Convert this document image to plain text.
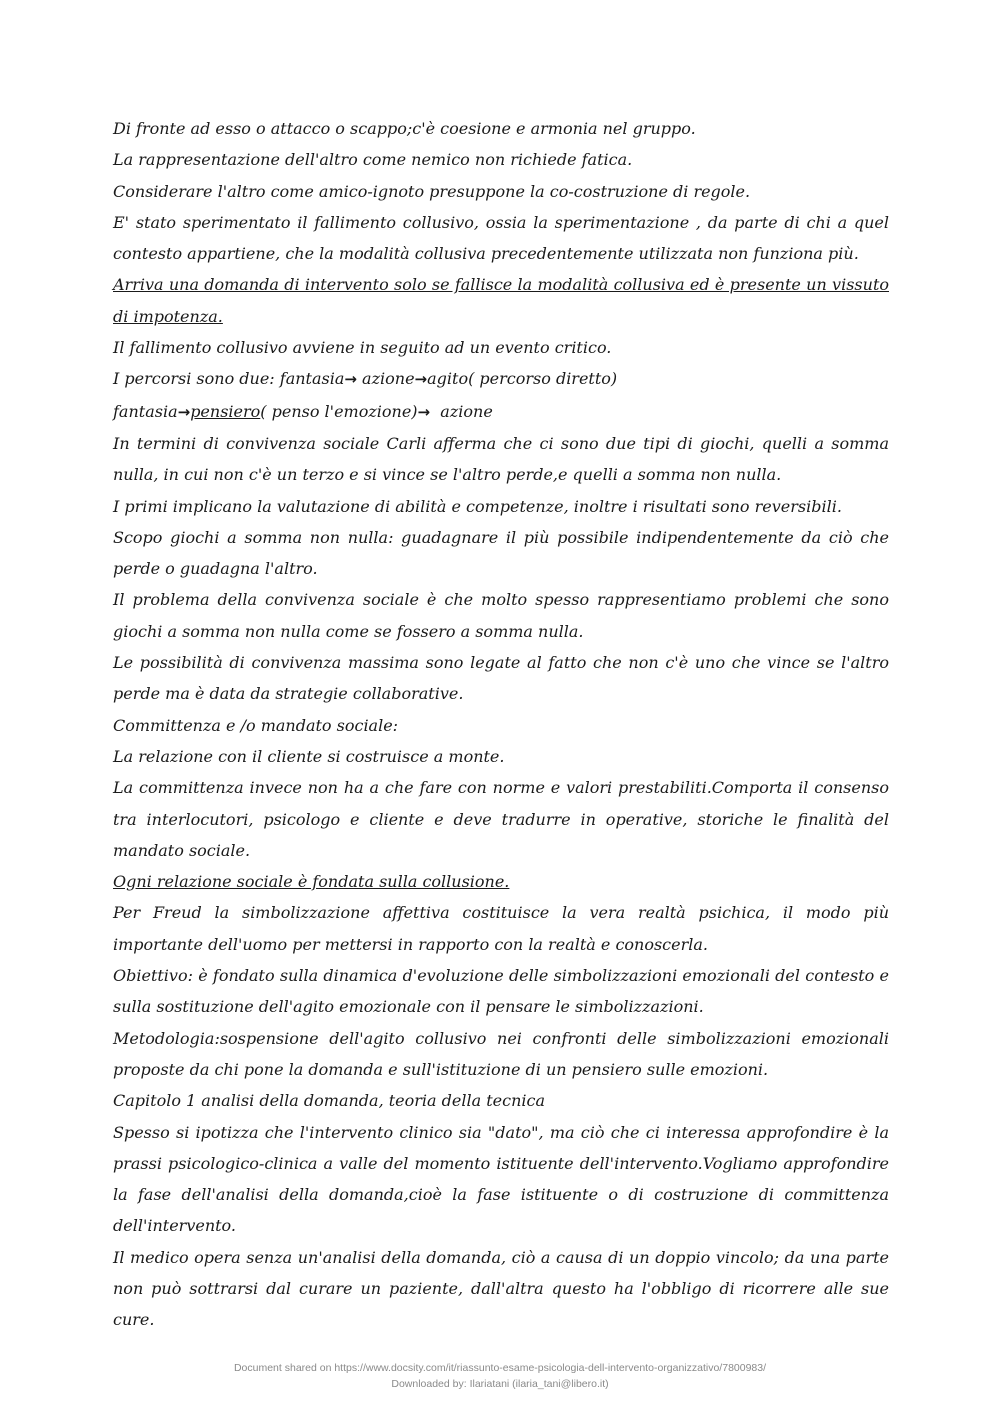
Di fronte ad esso o attacco o scappo;c'è coesione e armonia nel gruppo.

La rappresentazione dell'altro come nemico non richiede fatica.

Considerare l'altro come amico-ignoto presuppone la co-costruzione di regole.

E' stato sperimentato il fallimento collusivo, ossia la sperimentazione , da parte di chi a quel contesto appartiene, che la modalità collusiva precedentemente utilizzata non funziona più.

Arriva una domanda di intervento solo se fallisce la modalità collusiva ed è presente un vissuto di impotenza.

Il fallimento collusivo avviene in seguito ad un evento critico.

I percorsi sono due: fantasia→ azione→agito( percorso diretto)

fantasia→pensiero( penso l'emozione)→  azione

In termini di convivenza sociale Carli afferma che ci sono due tipi di giochi, quelli a somma nulla, in cui non c'è un terzo e si vince se l'altro perde,e quelli a somma non nulla.

I primi implicano la valutazione di abilità e competenze, inoltre i risultati sono reversibili.

Scopo giochi a somma non nulla: guadagnare il più possibile indipendentemente da ciò che perde o guadagna l'altro.

Il problema della convivenza sociale è che molto spesso rappresentiamo problemi che sono giochi a somma non nulla come se fossero a somma nulla.

Le possibilità di convivenza massima sono legate al fatto che non c'è uno che vince se l'altro perde ma è data da strategie collaborative.

Committenza e /o mandato sociale:

La relazione con il cliente si costruisce a monte.

La committenza invece non ha a che fare con norme e valori prestabiliti.Comporta il consenso tra interlocutori, psicologo e cliente e deve tradurre in operative, storiche le finalità del mandato sociale.

Ogni relazione sociale è fondata sulla collusione.

Per Freud la simbolizzazione affettiva costituisce la vera realtà psichica, il modo più importante dell'uomo per mettersi in rapporto con la realtà e conoscerla.

Obiettivo: è fondato sulla dinamica d'evoluzione delle simbolizzazioni emozionali del contesto e sulla sostituzione dell'agito emozionale con il pensare le simbolizzazioni.

Metodologia:sospensione dell'agito collusivo nei confronti delle simbolizzazioni emozionali proposte da chi pone la domanda e sull'istituzione di un pensiero sulle emozioni.

Capitolo 1 analisi della domanda, teoria della tecnica

Spesso si ipotizza che l'intervento clinico sia "dato", ma ciò che ci interessa approfondire è la prassi psicologico-clinica a valle del momento istituente dell'intervento.Vogliamo approfondire la fase dell'analisi della domanda,cioè la fase istituente o di costruzione di committenza dell'intervento.

Il medico opera senza un'analisi della domanda, ciò a causa di un doppio vincolo; da una parte non può sottrarsi dal curare un paziente, dall'altra questo ha l'obbligo di ricorrere alle sue cure.

Document shared on https://www.docsity.com/it/riassunto-esame-psicologia-dell-intervento-organizzativo/7800983/
Downloaded by: Ilariatani (ilaria_tani@libero.it)
